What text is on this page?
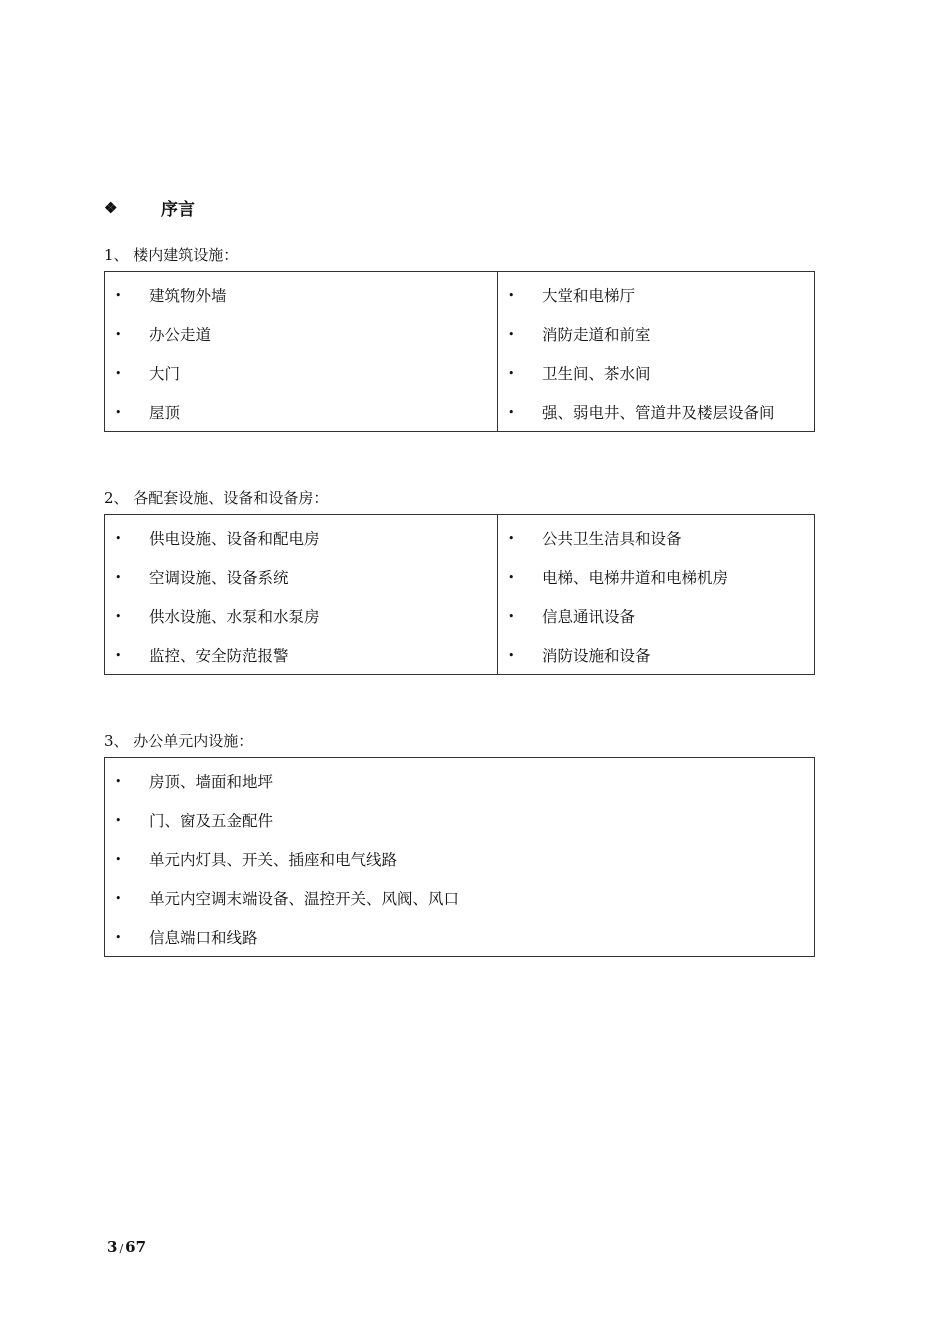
❖	序言
1、 楼内建筑设施：
•	建筑物外墙
•	办公走道
•	大门
•	屋顶
•	大堂和电梯厅
•	消防走道和前室
•	卫生间、茶水间
•	强、弱电井、管道井及楼层设备间
2、 各配套设施、设备和设备房：
•	供电设施、设备和配电房
•	空调设施、设备系统
•	供水设施、水泵和水泵房
•	监控、安全防范报警
•	公共卫生洁具和设备
•	电梯、电梯井道和电梯机房
•	信息通讯设备
•	消防设施和设备
3、 办公单元内设施：
•	房顶、墙面和地坪
•	门、窗及五金配件
•	单元内灯具、开关、插座和电气线路
•	单元内空调末端设备、温控开关、风阀、风口
•	信息端口和线路
3 / 67
